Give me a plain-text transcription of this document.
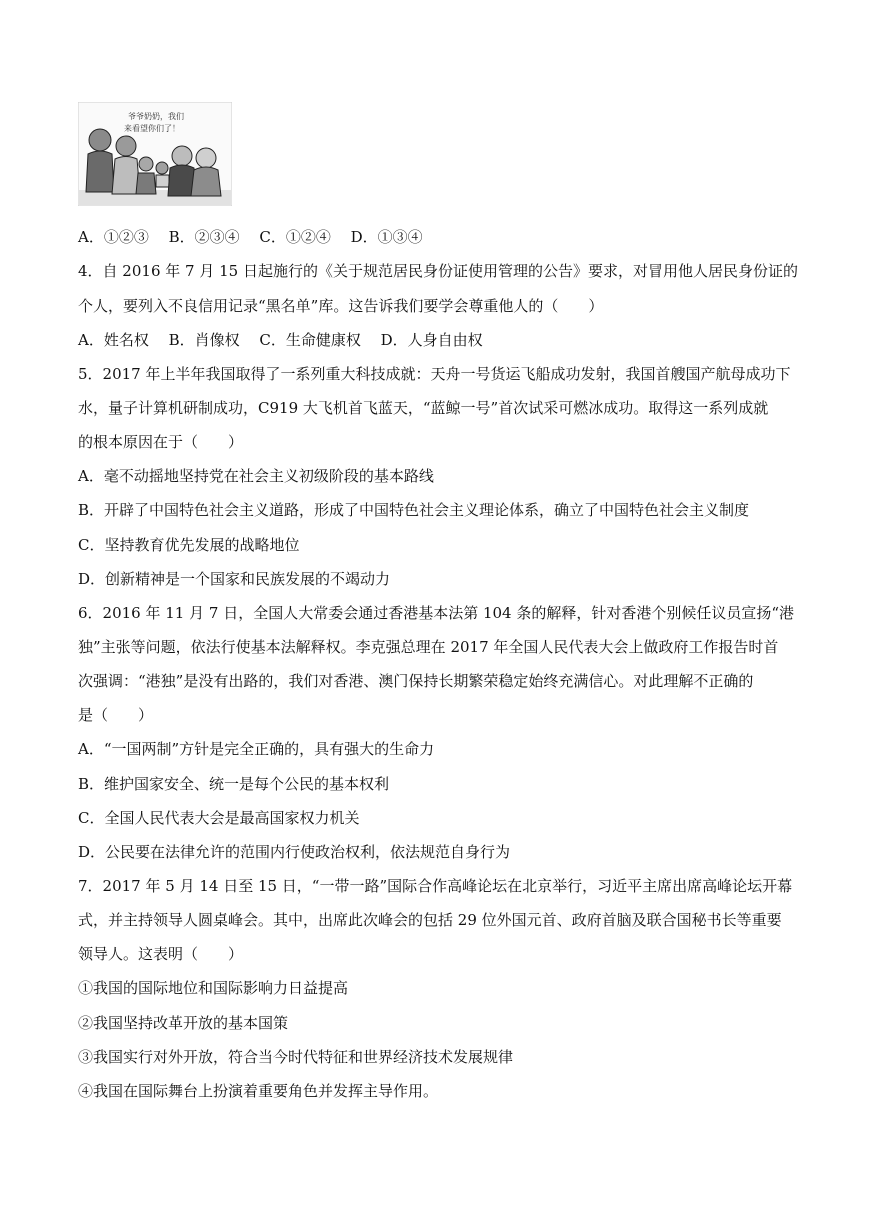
爷爷奶奶，我们
来看望你们了！
A．①②③　 B．②③④　 C．①②④　 D．①③④
4．自 2016 年 7 月 15 日起施行的《关于规范居民身份证使用管理的公告》要求，对冒用他人居民身份证的
个人，要列入不良信用记录“黑名单”库。这告诉我们要学会尊重他人的（　　）
A．姓名权　 B．肖像权　 C．生命健康权　 D．人身自由权
5．2017 年上半年我国取得了一系列重大科技成就：天舟一号货运飞船成功发射，我国首艘国产航母成功下
水，量子计算机研制成功，C919 大飞机首飞蓝天，“蓝鲸一号”首次试采可燃冰成功。取得这一系列成就
的根本原因在于（　　）
A．毫不动摇地坚持党在社会主义初级阶段的基本路线
B．开辟了中国特色社会主义道路，形成了中国特色社会主义理论体系，确立了中国特色社会主义制度
C．坚持教育优先发展的战略地位
D．创新精神是一个国家和民族发展的不竭动力
6．2016 年 11 月 7 日，全国人大常委会通过香港基本法第 104 条的解释，针对香港个别候任议员宣扬“港
独”主张等问题，依法行使基本法解释权。李克强总理在 2017 年全国人民代表大会上做政府工作报告时首
次强调：“港独”是没有出路的，我们对香港、澳门保持长期繁荣稳定始终充满信心。对此理解不正确的
是（　　）
A．“一国两制”方针是完全正确的，具有强大的生命力
B．维护国家安全、统一是每个公民的基本权利
C．全国人民代表大会是最高国家权力机关
D．公民要在法律允许的范围内行使政治权利，依法规范自身行为
7．2017 年 5 月 14 日至 15 日，“一带一路”国际合作高峰论坛在北京举行，习近平主席出席高峰论坛开幕
式，并主持领导人圆桌峰会。其中，出席此次峰会的包括 29 位外国元首、政府首脑及联合国秘书长等重要
领导人。这表明（　　）
①我国的国际地位和国际影响力日益提高
②我国坚持改革开放的基本国策
③我国实行对外开放，符合当今时代特征和世界经济技术发展规律
④我国在国际舞台上扮演着重要角色并发挥主导作用。
